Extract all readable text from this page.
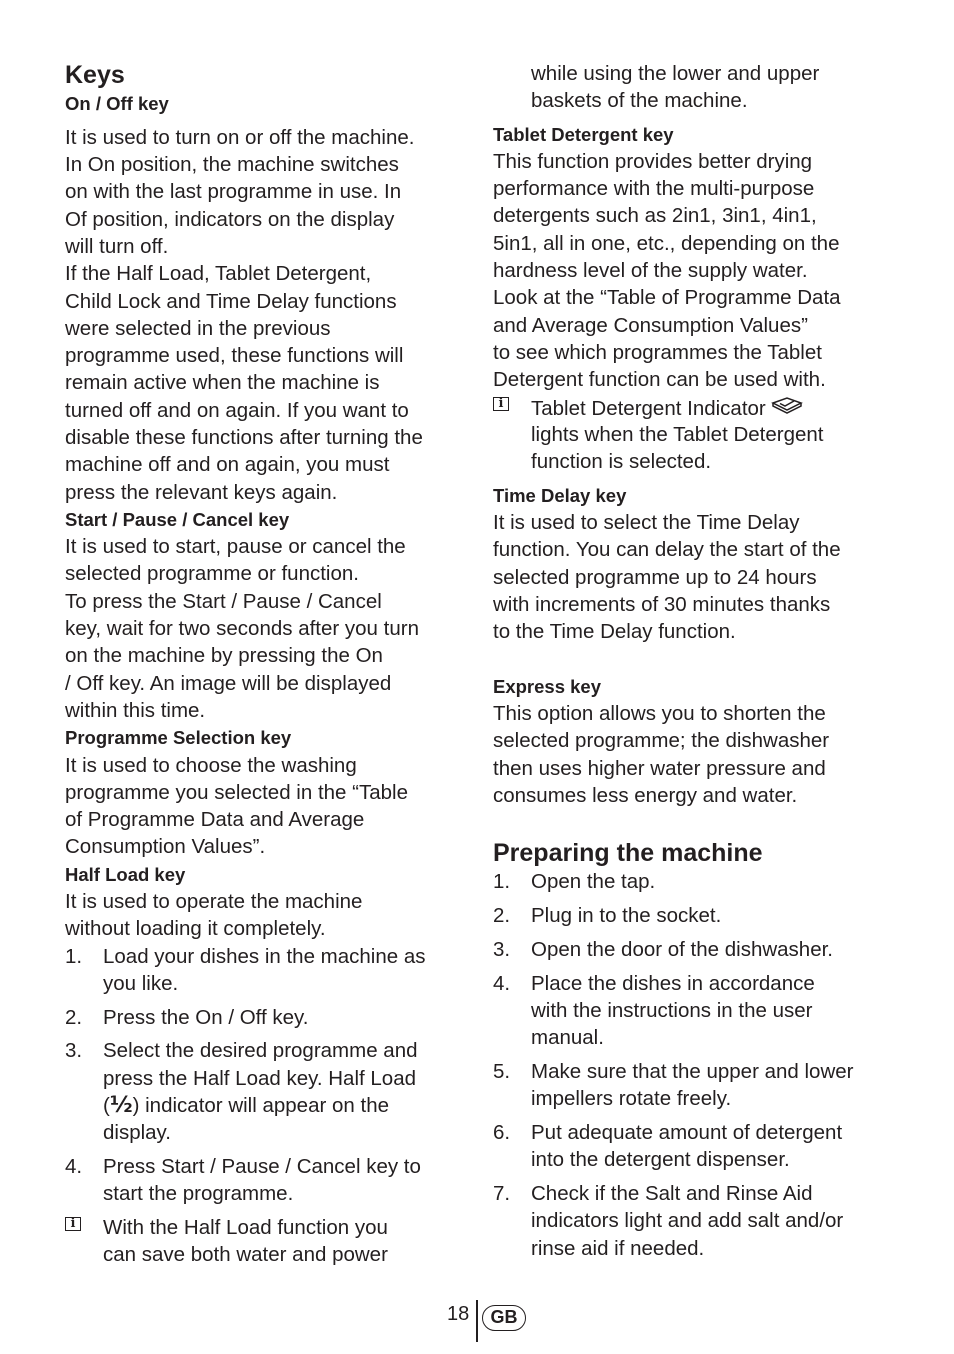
Keys
On / Off key
It is used to turn on or off the machine.
In On position, the machine switches
on with the last programme in use. In
Of position, indicators on the display
will turn off.
If the Half Load, Tablet Detergent,
Child Lock and Time Delay functions
were selected in the previous
programme used, these functions will
remain active when the machine is
turned off and on again. If you want to
disable these functions after turning the
machine off and on again, you must
press the relevant keys again.
Start / Pause / Cancel key
It is used to start, pause or cancel the
selected programme or function.
To press the Start / Pause / Cancel
key, wait for two seconds after you turn
on the machine by pressing the On
/ Off key. An image will be displayed
within this time.
Programme Selection key
It is used to choose the washing
programme you selected in the “Table
of Programme Data and Average
Consumption Values”.
Half Load key
It is used to operate the machine
without loading it completely.
1. Load your dishes in the machine as
you like.
2. Press the On / Off key.
3. Select the desired programme and
press the Half Load key. Half Load
(½) indicator will appear on the
display.
4. Press Start / Pause / Cancel key to
start the programme.
i
With the Half Load function you
can save both water and power
while using the lower and upper
baskets of the machine.
Tablet Detergent key
This function provides better drying
performance with the multi-purpose
detergents such as 2in1, 3in1, 4in1,
5in1, all in one, etc., depending on the
hardness level of the supply water.
Look at the “Table of Programme Data
and Average Consumption Values”
to see which programmes the Tablet
Detergent function can be used with.
i
Tablet Detergent Indicator
lights when the Tablet Detergent
function is selected.
Time Delay key
It is used to select the Time Delay
function. You can delay the start of the
selected programme up to 24 hours
with increments of 30 minutes thanks
to the Time Delay function.
Express key
This option allows you to shorten the
selected programme; the dishwasher
then uses higher water pressure and
consumes less energy and water.
Preparing the machine
1. Open the tap.
2. Plug in to the socket.
3. Open the door of the dishwasher.
4. Place the dishes in accordance
with the instructions in the user
manual.
5. Make sure that the upper and lower
impellers rotate freely.
6. Put adequate amount of detergent
into the detergent dispenser.
7. Check if the Salt and Rinse Aid
indicators light and add salt and/or
rinse aid if needed.
18	GB
